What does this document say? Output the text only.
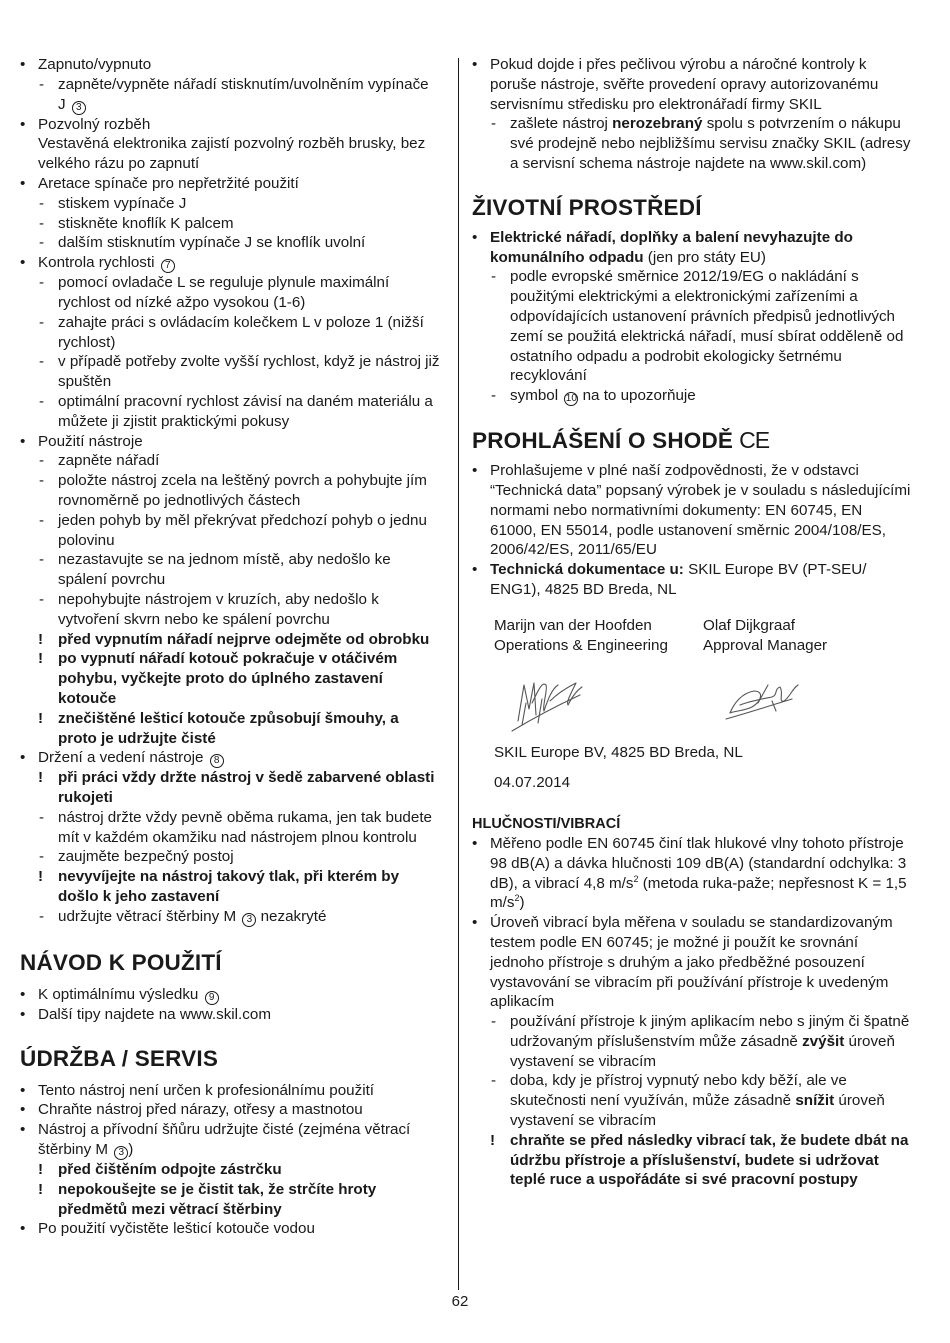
• Zapnuto/vypnuto
- zapněte/vypněte nářadí stisknutím/uvolněním vypínače J 3
• Pozvolný rozběh
Vestavěná elektronika zajistí pozvolný rozběh brusky, bez velkého rázu po zapnutí
• Aretace spínače pro nepřetržité použití
- stiskem vypínače J
- stiskněte knoflík K palcem
- dalším stisknutím vypínače J se knoflík uvolní
• Kontrola rychlosti 7
- pomocí ovladače L se reguluje plynule maximální rychlost od nízké ažpo vysokou (1-6)
- zahajte práci s ovládacím kolečkem L v poloze 1 (nižší rychlost)
- v případě potřeby zvolte vyšší rychlost, když je nástroj již spuštěn
- optimální pracovní rychlost závisí na daném materiálu a můžete ji zjistit praktickými pokusy
• Použití nástroje
- zapněte nářadí
- položte nástroj zcela na leštěný povrch a pohybujte jím rovnoměrně po jednotlivých částech
- jeden pohyb by měl překrývat předchozí pohyb o jednu polovinu
- nezastavujte se na jednom místě, aby nedošlo ke spálení povrchu
- nepohybujte nástrojem v kruzích, aby nedošlo k vytvoření skvrn nebo ke spálení povrchu
! před vypnutím nářadí nejprve odejměte od obrobku
! po vypnutí nářadí kotouč pokračuje v otáčivém pohybu, vyčkejte proto do úplného zastavení kotouče
! znečištěné lešticí kotouče způsobují šmouhy, a proto je udržujte čisté
• Držení a vedení nástroje 8
! při práci vždy držte nástroj v šedě zabarvené oblasti rukojeti
- nástroj držte vždy pevně oběma rukama, jen tak budete mít v každém okamžiku nad nástrojem plnou kontrolu
- zaujměte bezpečný postoj
! nevyvíjejte na nástroj takový tlak, při kterém by došlo k jeho zastavení
- udržujte větrací štěrbiny M 3 nezakryté
NÁVOD K POUŽITÍ
• K optimálnímu výsledku 9
• Další tipy najdete na www.skil.com
ÚDRŽBA / SERVIS
• Tento nástroj není určen k profesionálnímu použití
• Chraňte nástroj před nárazy, otřesy a mastnotou
• Nástroj a přívodní šňůru udržujte čisté (zejména větrací štěrbiny M 3 )
! před čištěním odpojte zástrčku
! nepokoušejte se je čistit tak, že strčíte hroty předmětů mezi větrací štěrbiny
• Po použití vyčistěte lešticí kotouče vodou
• Pokud dojde i přes pečlivou výrobu a náročné kontroly k poruše nástroje, svěřte provedení opravy autorizovanému servisnímu středisku pro elektronářadí firmy SKIL
- zašlete nástroj nerozebraný spolu s potvrzením o nákupu své prodejně nebo nejbližšímu servisu značky SKIL (adresy a servisní schema nástroje najdete na www.skil.com)
ŽIVOTNÍ PROSTŘEDÍ
• Elektrické nářadí, doplňky a balení nevyhazujte do komunálního odpadu (jen pro státy EU)
- podle evropské směrnice 2012/19/EG o nakládání s použitými elektrickými a elektronickými zařízeními a odpovídajících ustanovení právních předpisů jednotlivých zemí se použitá elektrická nářadí, musí sbírat odděleně od ostatního odpadu a podrobit ekologicky šetrnému recyklování
- symbol 10 na to upozorňuje
PROHLÁŠENÍ O SHODĚ CE
• Prohlašujeme v plné naší zodpovědnosti, že v odstavci “Technická data” popsaný výrobek je v souladu s následujícími normami nebo normativními dokumenty: EN 60745, EN 61000, EN 55014, podle ustanovení směrnic 2004/108/ES, 2006/42/ES, 2011/65/EU
• Technická dokumentace u: SKIL Europe BV (PT-SEU/ ENG1), 4825 BD Breda, NL
Marijn van der Hoofden
Operations & Engineering
Olaf Dijkgraaf
Approval Manager
SKIL Europe BV, 4825 BD Breda, NL
04.07.2014
HLUČNOSTI/VIBRACÍ
• Měřeno podle EN 60745 činí tlak hlukové vlny tohoto přístroje 98 dB(A) a dávka hlučnosti 109 dB(A) (standardní odchylka: 3 dB), a vibrací 4,8 $m/s^2$ (metoda ruka-paže; nepřesnost K = 1,5 $m/s^2$)
• Úroveň vibrací byla měřena v souladu se standardizovaným testem podle EN 60745; je možné ji použít ke srovnání jednoho přístroje s druhým a jako předběžné posouzení vystavování se vibracím při používání přístroje k uvedeným aplikacím
- používání přístroje k jiným aplikacím nebo s jiným či špatně udržovaným příslušenstvím může zásadně zvýšit úroveň vystavení se vibracím
- doba, kdy je přístroj vypnutý nebo kdy běží, ale ve skutečnosti není využíván, může zásadně snížit úroveň vystavení se vibracím
! chraňte se před následky vibrací tak, že budete dbát na údržbu přístroje a příslušenství, budete si udržovat teplé ruce a uspořádáte si své pracovní postupy
62
